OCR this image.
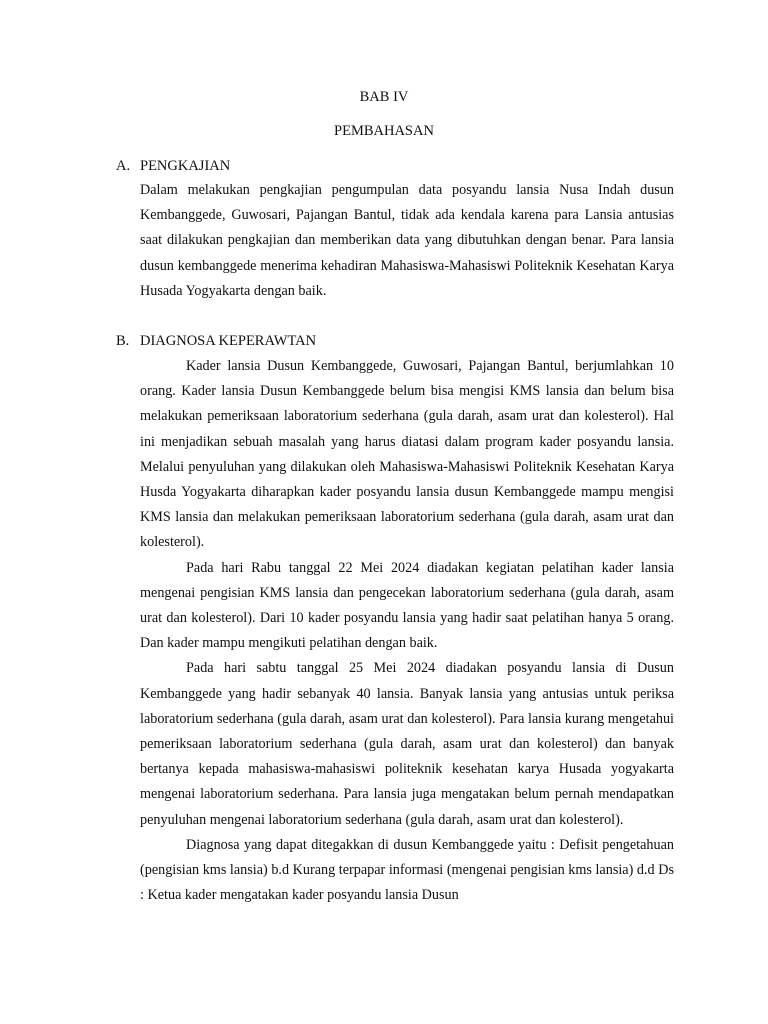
BAB IV
PEMBAHASAN
A. PENGKAJIAN

Dalam melakukan pengkajian pengumpulan data posyandu lansia Nusa Indah dusun Kembanggede, Guwosari, Pajangan Bantul, tidak ada kendala karena para Lansia antusias saat dilakukan pengkajian dan memberikan data yang dibutuhkan dengan benar. Para lansia dusun kembanggede menerima kehadiran Mahasiswa-Mahasiswi Politeknik Kesehatan Karya Husada Yogyakarta dengan baik.

B. DIAGNOSA KEPERAWTAN

Kader lansia Dusun Kembanggede, Guwosari, Pajangan Bantul, berjumlahkan 10 orang. Kader lansia Dusun Kembanggede belum bisa mengisi KMS lansia dan belum bisa melakukan pemeriksaan laboratorium sederhana (gula darah, asam urat dan kolesterol). Hal ini menjadikan sebuah masalah yang harus diatasi dalam program kader posyandu lansia. Melalui penyuluhan yang dilakukan oleh Mahasiswa-Mahasiswi Politeknik Kesehatan Karya Husda Yogyakarta diharapkan kader posyandu lansia dusun Kembanggede mampu mengisi KMS lansia dan melakukan pemeriksaan laboratorium sederhana (gula darah, asam urat dan kolesterol).

Pada hari Rabu tanggal 22 Mei 2024 diadakan kegiatan pelatihan kader lansia mengenai pengisian KMS lansia dan pengecekan laboratorium sederhana (gula darah, asam urat dan kolesterol). Dari 10 kader posyandu lansia yang hadir saat pelatihan hanya 5 orang. Dan kader mampu mengikuti pelatihan dengan baik.

Pada hari sabtu tanggal 25 Mei 2024 diadakan posyandu lansia di Dusun Kembanggede yang hadir sebanyak 40 lansia. Banyak lansia yang antusias untuk periksa laboratorium sederhana (gula darah, asam urat dan kolesterol). Para lansia kurang mengetahui pemeriksaan laboratorium sederhana (gula darah, asam urat dan kolesterol) dan banyak bertanya kepada mahasiswa-mahasiswi politeknik kesehatan karya Husada yogyakarta mengenai laboratorium sederhana. Para lansia juga mengatakan belum pernah mendapatkan penyuluhan mengenai laboratorium sederhana (gula darah, asam urat dan kolesterol).

Diagnosa yang dapat ditegakkan di dusun Kembanggede yaitu : Defisit pengetahuan (pengisian kms lansia) b.d Kurang terpapar informasi (mengenai pengisian kms lansia) d.d Ds : Ketua kader mengatakan kader posyandu lansia Dusun
